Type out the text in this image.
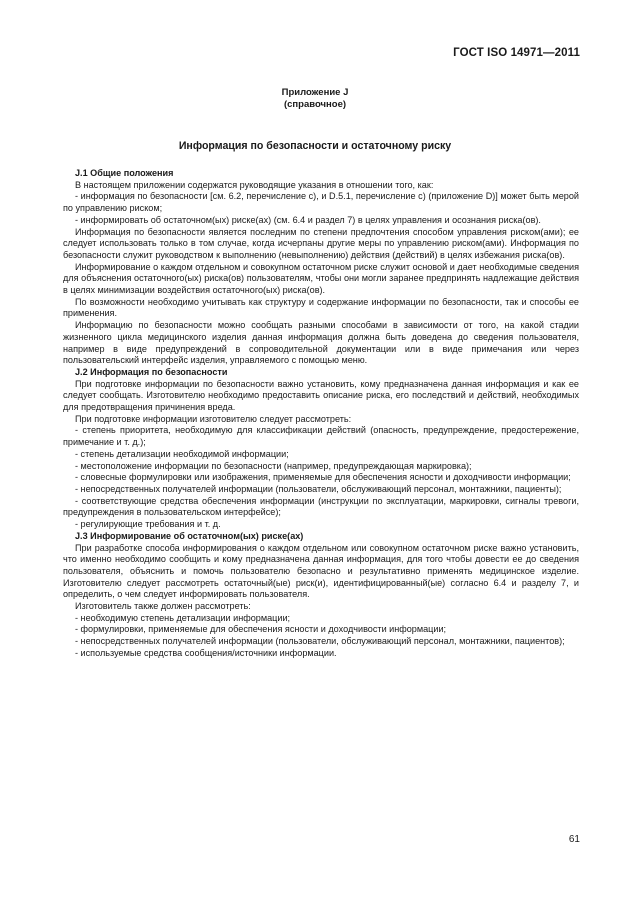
ГОСТ ISO 14971—2011
Приложение J
(справочное)
Информация по безопасности и остаточному риску
J.1 Общие положения

В настоящем приложении содержатся руководящие указания в отношении того, как:

- информация по безопасности [см. 6.2, перечисление с), и D.5.1, перечисление с) (приложение D)] может быть мерой по управлению риском;

- информировать об остаточном(ых) риске(ах) (см. 6.4 и раздел 7) в целях управления и осознания риска(ов).

Информация по безопасности является последним по степени предпочтения способом управления риском(ами); ее следует использовать только в том случае, когда исчерпаны другие меры по управлению риском(ами). Информация по безопасности служит руководством к выполнению (невыполнению) действия (действий) в целях избежания риска(ов).

Информирование о каждом отдельном и совокупном остаточном риске служит основой и дает необходимые сведения для объяснения остаточного(ых) риска(ов) пользователям, чтобы они могли заранее предпринять надлежащие действия в целях минимизации воздействия остаточного(ых) риска(ов).

По возможности необходимо учитывать как структуру и содержание информации по безопасности, так и способы ее применения.

Информацию по безопасности можно сообщать разными способами в зависимости от того, на какой стадии жизненного цикла медицинского изделия данная информация должна быть доведена до сведения пользователя, например в виде предупреждений в сопроводительной документации или в виде примечания или через пользовательский интерфейс изделия, управляемого с помощью меню.

J.2 Информация по безопасности

При подготовке информации по безопасности важно установить, кому предназначена данная информация и как ее следует сообщать. Изготовителю необходимо предоставить описание риска, его последствий и действий, необходимых для предотвращения причинения вреда.

При подготовке информации изготовителю следует рассмотреть:

- степень приоритета, необходимую для классификации действий (опасность, предупреждение, предостережение, примечание и т. д.);

- степень детализации необходимой информации;

- местоположение информации по безопасности (например, предупреждающая маркировка);

- словесные формулировки или изображения, применяемые для обеспечения ясности и доходчивости информации;

- непосредственных получателей информации (пользователи, обслуживающий персонал, монтажники, пациенты);

- соответствующие средства обеспечения информации (инструкции по эксплуатации, маркировки, сигналы тревоги, предупреждения в пользовательском интерфейсе);

- регулирующие требования и т. д.

J.3 Информирование об остаточном(ых) риске(ах)

При разработке способа информирования о каждом отдельном или совокупном остаточном риске важно установить, что именно необходимо сообщить и кому предназначена данная информация, для того чтобы довести ее до сведения пользователя, объяснить и помочь пользователю безопасно и результативно применять медицинское изделие. Изготовителю следует рассмотреть остаточный(ые) риск(и), идентифицированный(ые) согласно 6.4 и разделу 7, и определить, о чем следует информировать пользователя.

Изготовитель также должен рассмотреть:

- необходимую степень детализации информации;

- формулировки, применяемые для обеспечения ясности и доходчивости информации;

- непосредственных получателей информации (пользователи, обслуживающий персонал, монтажники, пациентов);

- используемые средства сообщения/источники информации.

61
